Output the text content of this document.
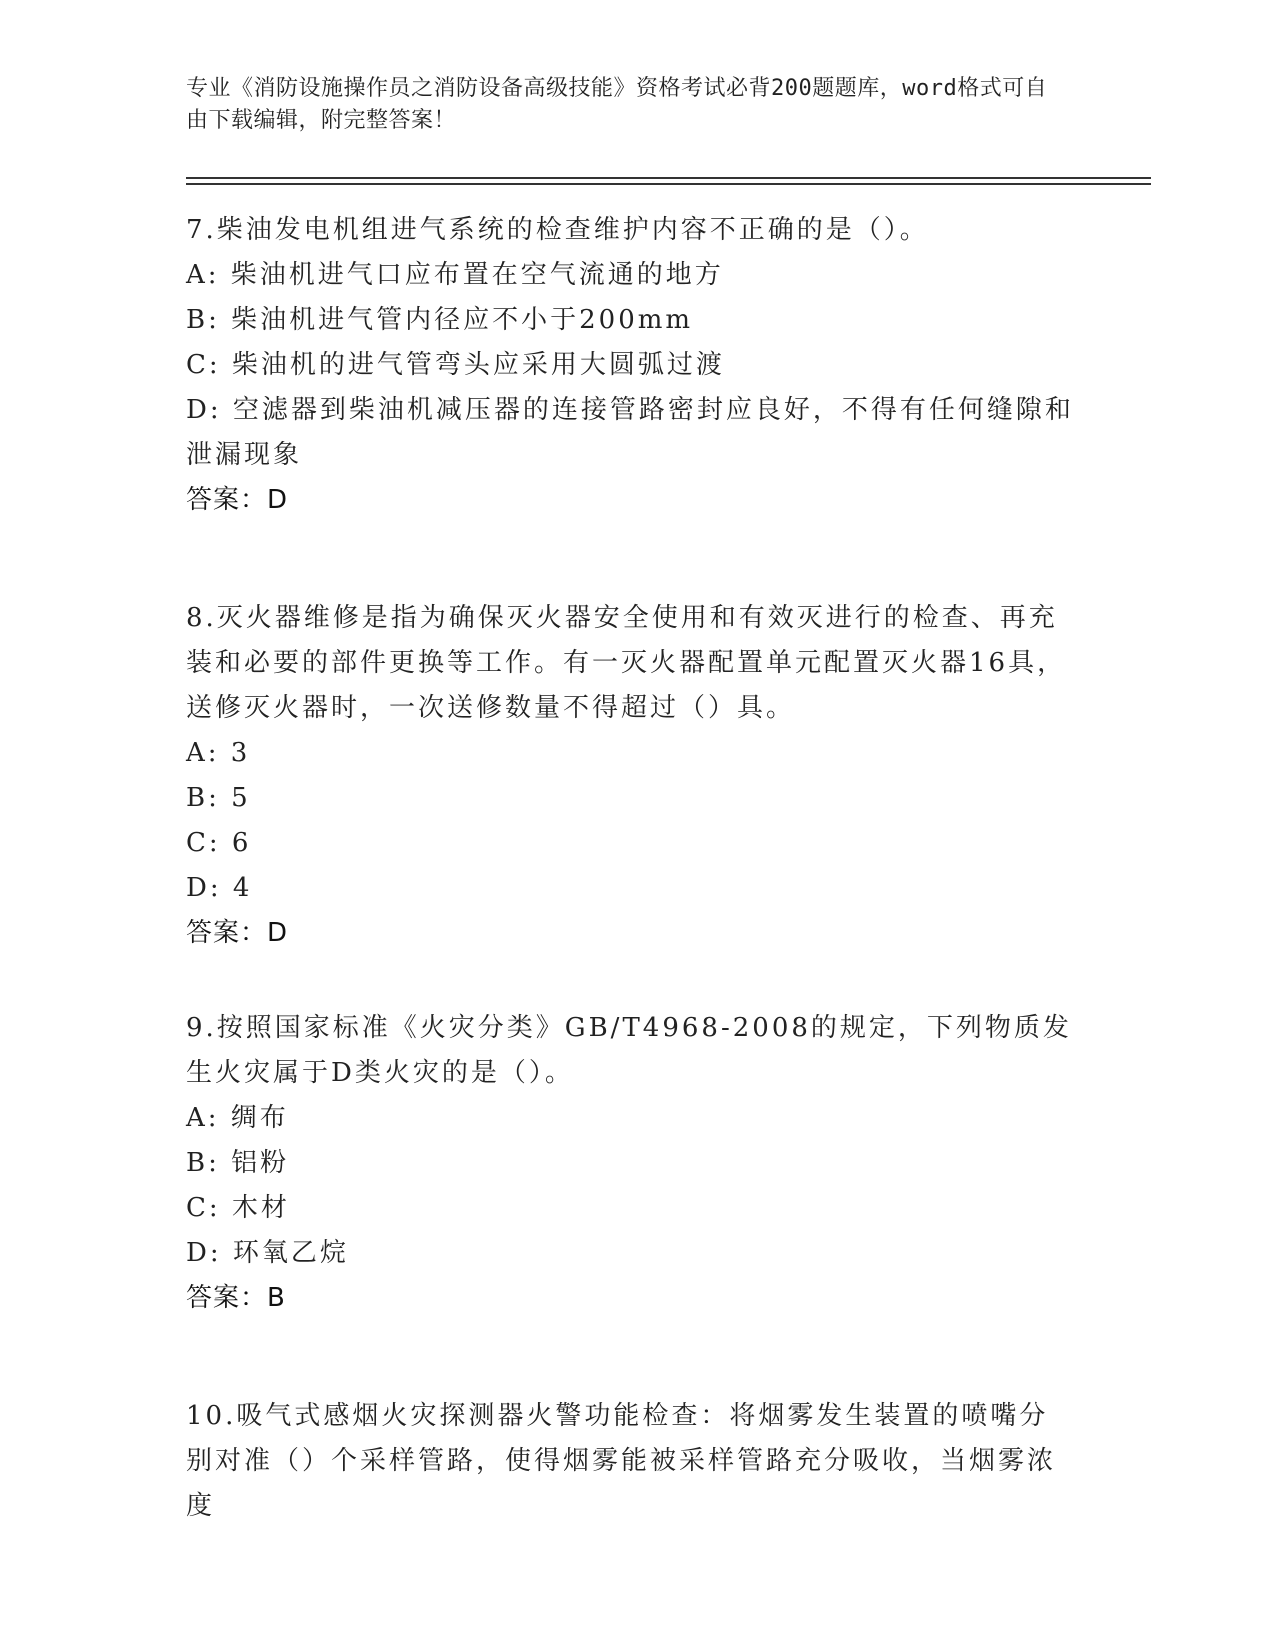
专业《消防设施操作员之消防设备高级技能》资格考试必背200题题库，word格式可自由下载编辑，附完整答案！

7.柴油发电机组进气系统的检查维护内容不正确的是（）。

A: 柴油机进气口应布置在空气流通的地方

B: 柴油机进气管内径应不小于200mm

C: 柴油机的进气管弯头应采用大圆弧过渡

D: 空滤器到柴油机减压器的连接管路密封应良好，不得有任何缝隙和泄漏现象

答案：D

8.灭火器维修是指为确保灭火器安全使用和有效灭进行的检查、再充装和必要的部件更换等工作。有一灭火器配置单元配置灭火器16具，送修灭火器时，一次送修数量不得超过（）具。

A: 3

B: 5

C: 6

D: 4

答案：D

9.按照国家标准《火灾分类》GB/T4968-2008的规定，下列物质发生火灾属于D类火灾的是（）。

A: 绸布

B: 铝粉

C: 木材

D: 环氧乙烷

答案：B

10.吸气式感烟火灾探测器火警功能检查：将烟雾发生装置的喷嘴分别对准（）个采样管路，使得烟雾能被采样管路充分吸收，当烟雾浓度
